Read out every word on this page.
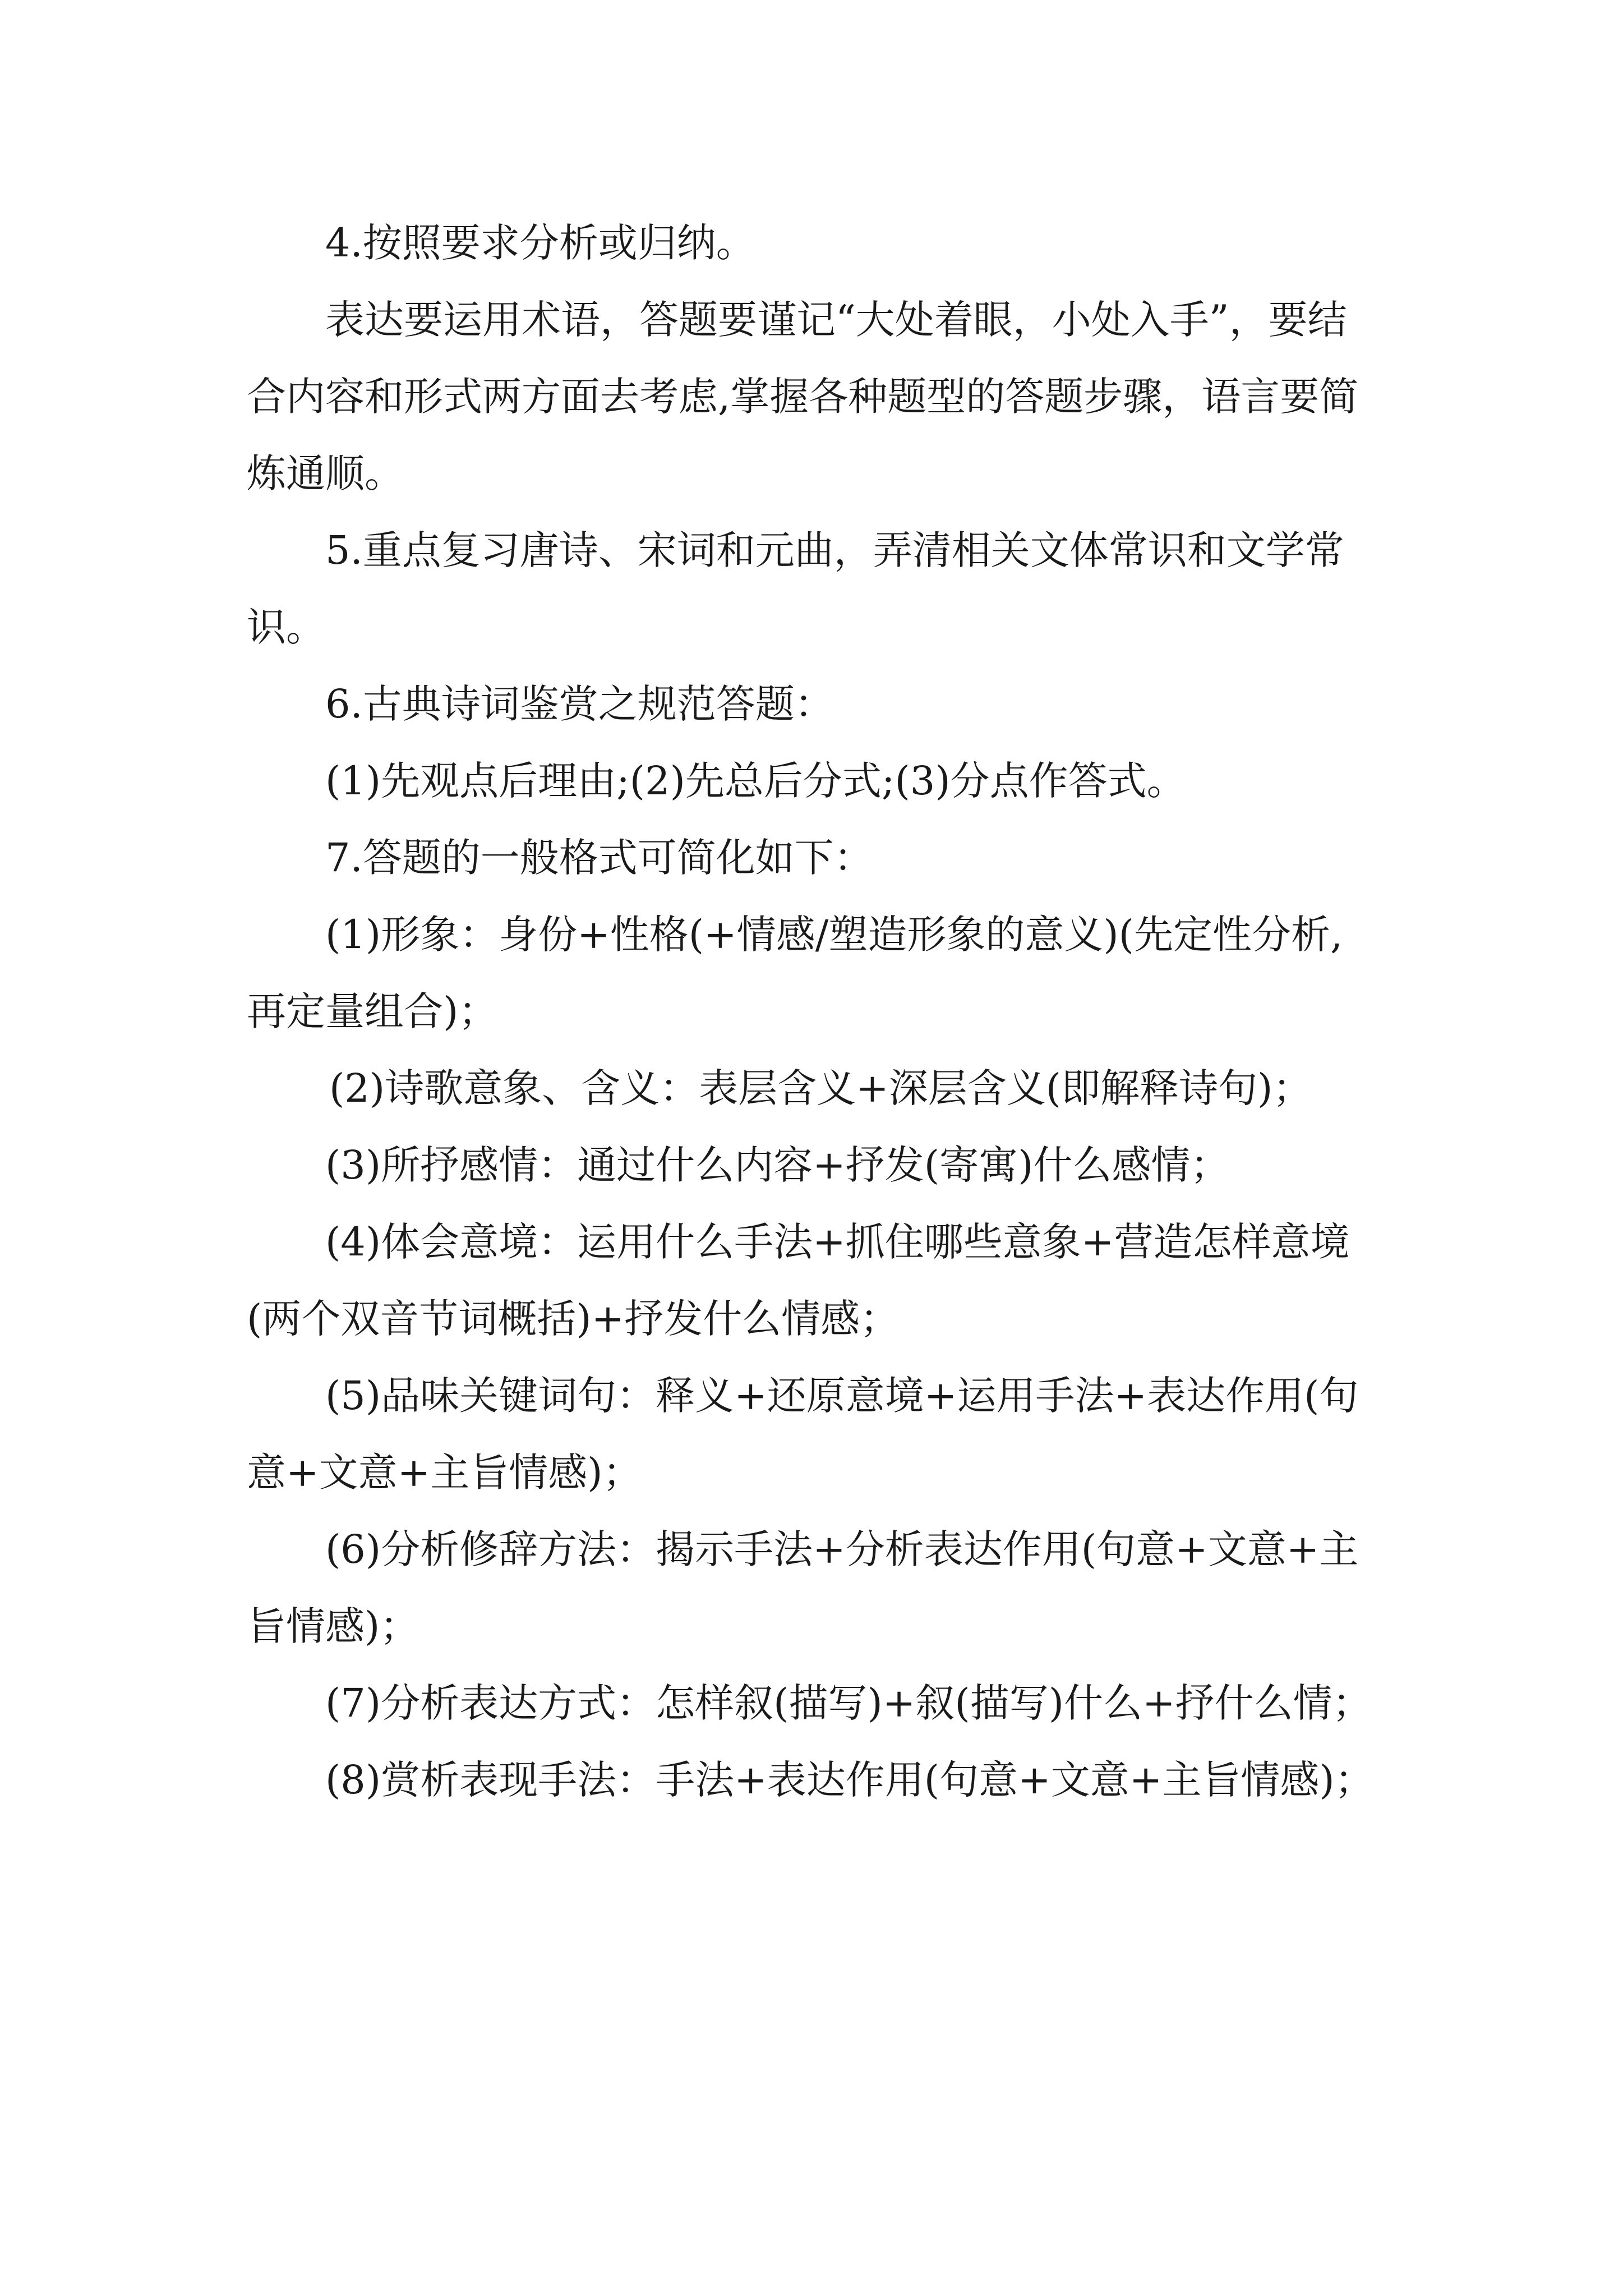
4.按照要求分析或归纳。

表达要运用术语，答题要谨记“大处着眼，小处入手”，要结合内容和形式两方面去考虑,掌握各种题型的答题步骤，语言要简炼通顺。

5.重点复习唐诗、宋词和元曲，弄清相关文体常识和文学常识。

6.古典诗词鉴赏之规范答题：

(1)先观点后理由;(2)先总后分式;(3)分点作答式。

7.答题的一般格式可简化如下：

(1)形象：身份+性格(+情感/塑造形象的意义)(先定性分析,再定量组合)；

(2)诗歌意象、含义：表层含义+深层含义(即解释诗句)；

(3)所抒感情：通过什么内容+抒发(寄寓)什么感情；

(4)体会意境：运用什么手法+抓住哪些意象+营造怎样意境(两个双音节词概括)+抒发什么情感；

(5)品味关键词句：释义+还原意境+运用手法+表达作用(句意+文意+主旨情感)；

(6)分析修辞方法：揭示手法+分析表达作用(句意+文意+主旨情感)；

(7)分析表达方式：怎样叙(描写)+叙(描写)什么+抒什么情；

(8)赏析表现手法：手法+表达作用(句意+文意+主旨情感)；
